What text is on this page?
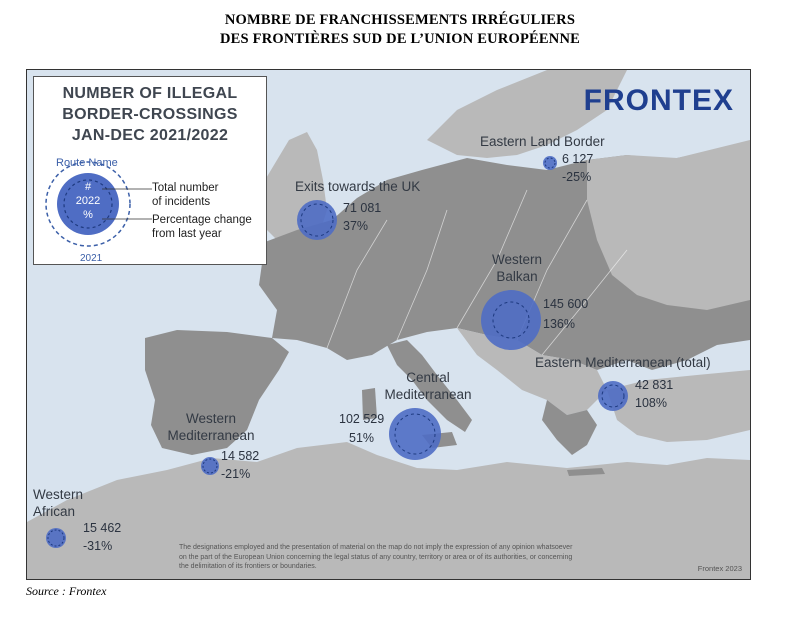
NOMBRE DE FRANCHISSEMENTS IRRÉGULIERS
DES FRONTIÈRES SUD DE L’UNION EUROPÉENNE
NUMBER OF ILLEGAL
BORDER-CROSSINGS
JAN-DEC 2021/2022
Route Name
#
2022
%
Total number
of incidents
Percentage change
from last year
2021
FRONTEX
Eastern Land Border
6 127
-25%
Exits towards the UK
71 081
37%
Western
Balkan
145 600
136%
Eastern Mediterranean (total)
42 831
108%
Central
Mediterranean
102 529
51%
Western
Mediterranean
14 582
-21%
Western
African
15 462
-31%	The designations employed and the presentation of material on the map do not imply the expression of any opinion whatsoever
on the part of the European Union concerning the legal status of any country, territory or area or of its authorities, or concerning
the delimitation of its frontiers or boundaries.	Frontex 2023
Source : Frontex
